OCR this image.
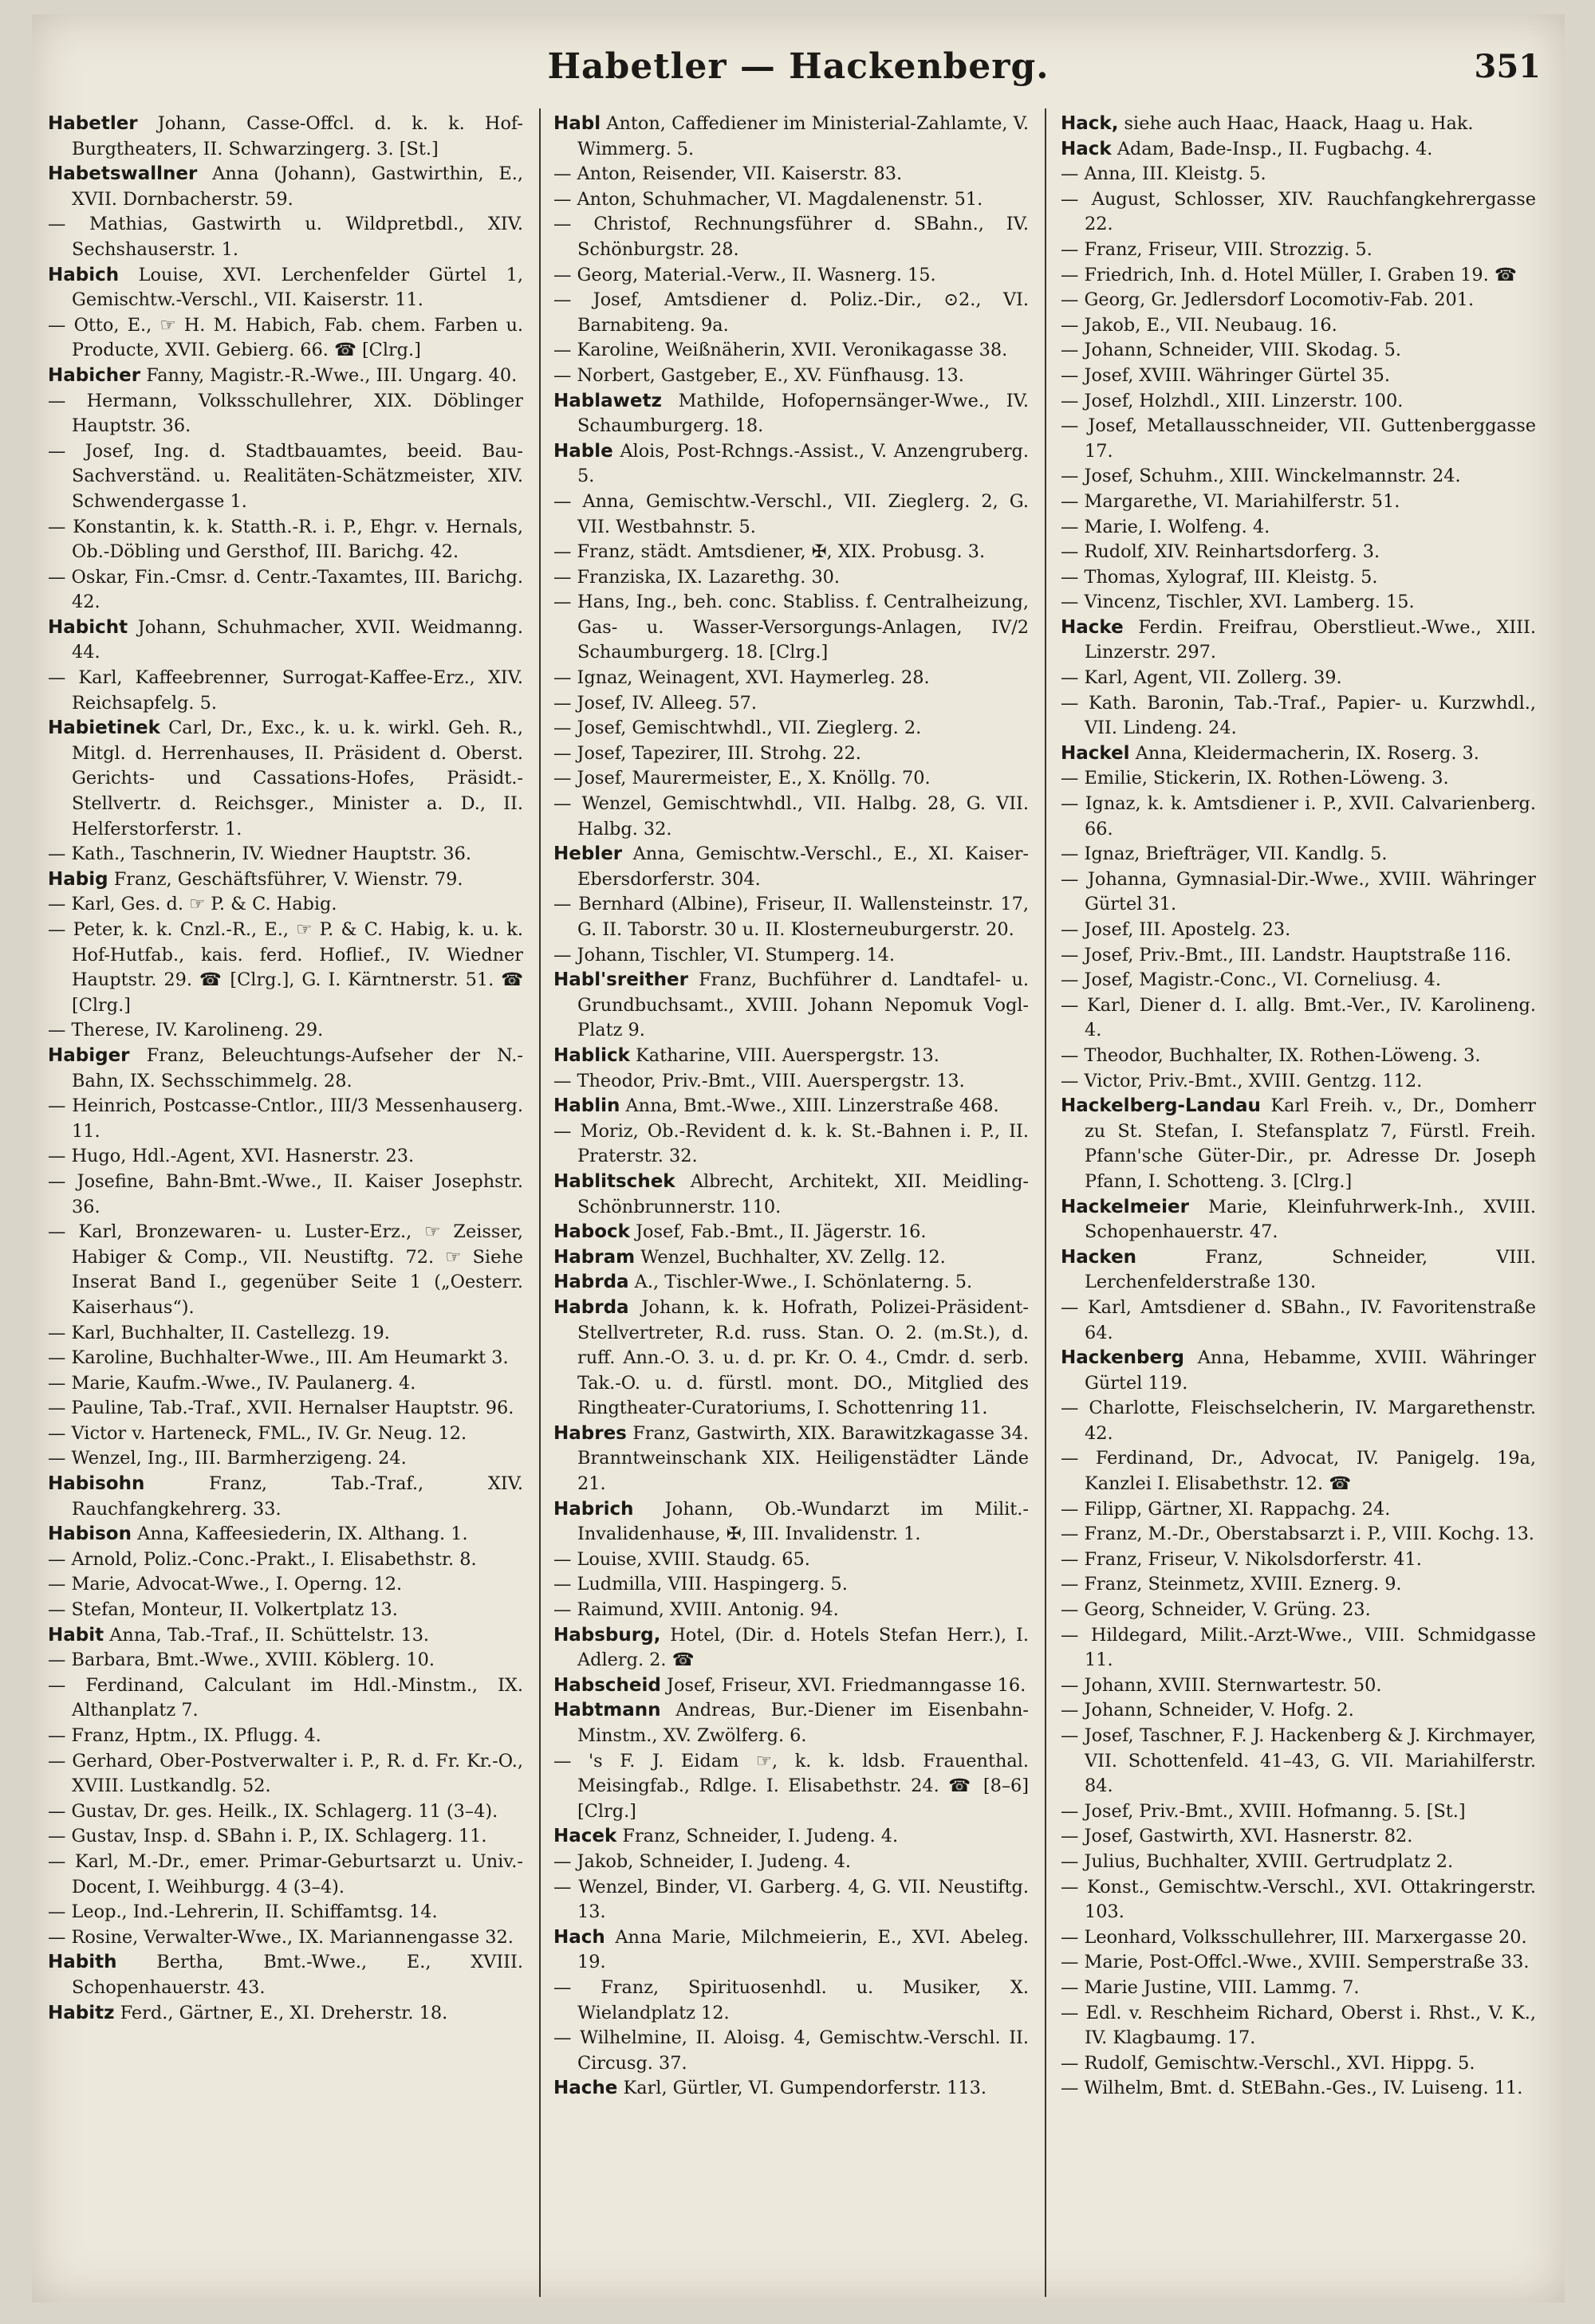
Habetler — Hackenberg.	351

Habetler Johann, Casse-Offcl. d. k. k. Hof-Burgtheaters, II. Schwarzingerg. 3. [St.]

Habetswallner Anna (Johann), Gastwirthin, E., XVII. Dornbacherstr. 59.

— Mathias, Gastwirth u. Wildpretbdl., XIV. Sechshauserstr. 1.

Habich Louise, XVI. Lerchenfelder Gürtel 1, Gemischtw.-Verschl., VII. Kaiserstr. 11.

— Otto, E., ☞ H. M. Habich, Fab. chem. Farben u. Producte, XVII. Gebierg. 66. ☎ [Clrg.]

Habicher Fanny, Magistr.-R.-Wwe., III. Ungarg. 40.

— Hermann, Volksschullehrer, XIX. Döblinger Hauptstr. 36.

— Josef, Ing. d. Stadtbauamtes, beeid. Bau-Sachverständ. u. Realitäten-Schätzmeister, XIV. Schwendergasse 1.

— Konstantin, k. k. Statth.-R. i. P., Ehgr. v. Hernals, Ob.-Döbling und Gersthof, III. Barichg. 42.

— Oskar, Fin.-Cmsr. d. Centr.-Taxamtes, III. Barichg. 42.

Habicht Johann, Schuhmacher, XVII. Weidmanng. 44.

— Karl, Kaffeebrenner, Surrogat-Kaffee-Erz., XIV. Reichsapfelg. 5.

Habietinek Carl, Dr., Exc., k. u. k. wirkl. Geh. R., Mitgl. d. Herrenhauses, II. Präsident d. Oberst. Gerichts- und Cassations-Hofes, Präsidt.-Stellvertr. d. Reichsger., Minister a. D., II. Helferstorferstr. 1.

— Kath., Taschnerin, IV. Wiedner Hauptstr. 36.

Habig Franz, Geschäftsführer, V. Wienstr. 79.

— Karl, Ges. d. ☞ P. & C. Habig.

— Peter, k. k. Cnzl.-R., E., ☞ P. & C. Habig, k. u. k. Hof-Hutfab., kais. ferd. Hoflief., IV. Wiedner Hauptstr. 29. ☎ [Clrg.], G. I. Kärntnerstr. 51. ☎ [Clrg.]

— Therese, IV. Karolineng. 29.

Habiger Franz, Beleuchtungs-Aufseher der N.-Bahn, IX. Sechsschimmelg. 28.

— Heinrich, Postcasse-Cntlor., III/3 Messenhauserg. 11.

— Hugo, Hdl.-Agent, XVI. Hasnerstr. 23.

— Josefine, Bahn-Bmt.-Wwe., II. Kaiser Josephstr. 36.

— Karl, Bronzewaren- u. Luster-Erz., ☞ Zeisser, Habiger & Comp., VII. Neustiftg. 72. ☞ Siehe Inserat Band I., gegenüber Seite 1 („Oesterr. Kaiserhaus“).

— Karl, Buchhalter, II. Castellezg. 19.

— Karoline, Buchhalter-Wwe., III. Am Heumarkt 3.

— Marie, Kaufm.-Wwe., IV. Paulanerg. 4.

— Pauline, Tab.-Traf., XVII. Hernalser Hauptstr. 96.

— Victor v. Harteneck, FML., IV. Gr. Neug. 12.

— Wenzel, Ing., III. Barmherzigeng. 24.

Habisohn Franz, Tab.-Traf., XIV. Rauchfangkehrerg. 33.

Habison Anna, Kaffeesiederin, IX. Althang. 1.

— Arnold, Poliz.-Conc.-Prakt., I. Elisabethstr. 8.

— Marie, Advocat-Wwe., I. Operng. 12.

— Stefan, Monteur, II. Volkertplatz 13.

Habit Anna, Tab.-Traf., II. Schüttelstr. 13.

— Barbara, Bmt.-Wwe., XVIII. Köblerg. 10.

— Ferdinand, Calculant im Hdl.-Minstm., IX. Althanplatz 7.

— Franz, Hptm., IX. Pflugg. 4.

— Gerhard, Ober-Postverwalter i. P., R. d. Fr. Kr.-O., XVIII. Lustkandlg. 52.

— Gustav, Dr. ges. Heilk., IX. Schlagerg. 11 (3–4).

— Gustav, Insp. d. SBahn i. P., IX. Schlagerg. 11.

— Karl, M.-Dr., emer. Primar-Geburtsarzt u. Univ.-Docent, I. Weihburgg. 4 (3–4).

— Leop., Ind.-Lehrerin, II. Schiffamtsg. 14.

— Rosine, Verwalter-Wwe., IX. Mariannengasse 32.

Habith Bertha, Bmt.-Wwe., E., XVIII. Schopenhauerstr. 43.

Habitz Ferd., Gärtner, E., XI. Dreherstr. 18.

Habl Anton, Caffediener im Ministerial-Zahlamte, V. Wimmerg. 5.

— Anton, Reisender, VII. Kaiserstr. 83.

— Anton, Schuhmacher, VI. Magdalenenstr. 51.

— Christof, Rechnungsführer d. SBahn., IV. Schönburgstr. 28.

— Georg, Material.-Verw., II. Wasnerg. 15.

— Josef, Amtsdiener d. Poliz.-Dir., ⊙2., VI. Barnabiteng. 9a.

— Karoline, Weißnäherin, XVII. Veronikagasse 38.

— Norbert, Gastgeber, E., XV. Fünfhausg. 13.

Hablawetz Mathilde, Hofopernsänger-Wwe., IV. Schaumburgerg. 18.

Hable Alois, Post-Rchngs.-Assist., V. Anzengruberg. 5.

— Anna, Gemischtw.-Verschl., VII. Zieglerg. 2, G. VII. Westbahnstr. 5.

— Franz, städt. Amtsdiener, ✠, XIX. Probusg. 3.

— Franziska, IX. Lazarethg. 30.

— Hans, Ing., beh. conc. Stabliss. f. Centralheizung, Gas- u. Wasser-Versorgungs-Anlagen, IV/2 Schaumburgerg. 18. [Clrg.]

— Ignaz, Weinagent, XVI. Haymerleg. 28.

— Josef, IV. Alleeg. 57.

— Josef, Gemischtwhdl., VII. Zieglerg. 2.

— Josef, Tapezirer, III. Strohg. 22.

— Josef, Maurermeister, E., X. Knöllg. 70.

— Wenzel, Gemischtwhdl., VII. Halbg. 28, G. VII. Halbg. 32.

Hebler Anna, Gemischtw.-Verschl., E., XI. Kaiser-Ebersdorferstr. 304.

— Bernhard (Albine), Friseur, II. Wallensteinstr. 17, G. II. Taborstr. 30 u. II. Klosterneuburgerstr. 20.

— Johann, Tischler, VI. Stumperg. 14.

Habl'sreither Franz, Buchführer d. Landtafel- u. Grundbuchsamt., XVIII. Johann Nepomuk Vogl-Platz 9.

Hablick Katharine, VIII. Auerspergstr. 13.

— Theodor, Priv.-Bmt., VIII. Auerspergstr. 13.

Hablin Anna, Bmt.-Wwe., XIII. Linzerstraße 468.

— Moriz, Ob.-Revident d. k. k. St.-Bahnen i. P., II. Praterstr. 32.

Hablitschek Albrecht, Architekt, XII. Meidling-Schönbrunnerstr. 110.

Habock Josef, Fab.-Bmt., II. Jägerstr. 16.

Habram Wenzel, Buchhalter, XV. Zellg. 12.

Habrda A., Tischler-Wwe., I. Schönlaterng. 5.

Habrda Johann, k. k. Hofrath, Polizei-Präsident-Stellvertreter, R.d. russ. Stan. O. 2. (m.St.), d. ruff. Ann.-O. 3. u. d. pr. Kr. O. 4., Cmdr. d. serb. Tak.-O. u. d. fürstl. mont. DO., Mitglied des Ringtheater-Curatoriums, I. Schottenring 11.

Habres Franz, Gastwirth, XIX. Barawitzkagasse 34. Branntweinschank XIX. Heiligenstädter Lände 21.

Habrich Johann, Ob.-Wundarzt im Milit.-Invalidenhause, ✠, III. Invalidenstr. 1.

— Louise, XVIII. Staudg. 65.

— Ludmilla, VIII. Haspingerg. 5.

— Raimund, XVIII. Antonig. 94.

Habsburg, Hotel, (Dir. d. Hotels Stefan Herr.), I. Adlerg. 2. ☎

Habscheid Josef, Friseur, XVI. Friedmanngasse 16.

Habtmann Andreas, Bur.-Diener im Eisenbahn-Minstm., XV. Zwölferg. 6.

— 's F. J. Eidam ☞, k. k. ldsb. Frauenthal. Meisingfab., Rdlge. I. Elisabethstr. 24. ☎ [8–6] [Clrg.]

Hacek Franz, Schneider, I. Judeng. 4.

— Jakob, Schneider, I. Judeng. 4.

— Wenzel, Binder, VI. Garberg. 4, G. VII. Neustiftg. 13.

Hach Anna Marie, Milchmeierin, E., XVI. Abeleg. 19.

— Franz, Spirituosenhdl. u. Musiker, X. Wielandplatz 12.

— Wilhelmine, II. Aloisg. 4, Gemischtw.-Verschl. II. Circusg. 37.

Hache Karl, Gürtler, VI. Gumpendorferstr. 113.

Hack, siehe auch Haac, Haack, Haag u. Hak.

Hack Adam, Bade-Insp., II. Fugbachg. 4.

— Anna, III. Kleistg. 5.

— August, Schlosser, XIV. Rauchfangkehrergasse 22.

— Franz, Friseur, VIII. Strozzig. 5.

— Friedrich, Inh. d. Hotel Müller, I. Graben 19. ☎

— Georg, Gr. Jedlersdorf Locomotiv-Fab. 201.

— Jakob, E., VII. Neubaug. 16.

— Johann, Schneider, VIII. Skodag. 5.

— Josef, XVIII. Währinger Gürtel 35.

— Josef, Holzhdl., XIII. Linzerstr. 100.

— Josef, Metallausschneider, VII. Guttenberggasse 17.

— Josef, Schuhm., XIII. Winckelmannstr. 24.

— Margarethe, VI. Mariahilferstr. 51.

— Marie, I. Wolfeng. 4.

— Rudolf, XIV. Reinhartsdorferg. 3.

— Thomas, Xylograf, III. Kleistg. 5.

— Vincenz, Tischler, XVI. Lamberg. 15.

Hacke Ferdin. Freifrau, Oberstlieut.-Wwe., XIII. Linzerstr. 297.

— Karl, Agent, VII. Zollerg. 39.

— Kath. Baronin, Tab.-Traf., Papier- u. Kurzwhdl., VII. Lindeng. 24.

Hackel Anna, Kleidermacherin, IX. Roserg. 3.

— Emilie, Stickerin, IX. Rothen-Löweng. 3.

— Ignaz, k. k. Amtsdiener i. P., XVII. Calvarienberg. 66.

— Ignaz, Briefträger, VII. Kandlg. 5.

— Johanna, Gymnasial-Dir.-Wwe., XVIII. Währinger Gürtel 31.

— Josef, III. Apostelg. 23.

— Josef, Priv.-Bmt., III. Landstr. Hauptstraße 116.

— Josef, Magistr.-Conc., VI. Corneliusg. 4.

— Karl, Diener d. I. allg. Bmt.-Ver., IV. Karolineng. 4.

— Theodor, Buchhalter, IX. Rothen-Löweng. 3.

— Victor, Priv.-Bmt., XVIII. Gentzg. 112.

Hackelberg-Landau Karl Freih. v., Dr., Domherr zu St. Stefan, I. Stefansplatz 7, Fürstl. Freih. Pfann'sche Güter-Dir., pr. Adresse Dr. Joseph Pfann, I. Schotteng. 3. [Clrg.]

Hackelmeier Marie, Kleinfuhrwerk-Inh., XVIII. Schopenhauerstr. 47.

Hacken Franz, Schneider, VIII. Lerchenfelderstraße 130.

— Karl, Amtsdiener d. SBahn., IV. Favoritenstraße 64.

Hackenberg Anna, Hebamme, XVIII. Währinger Gürtel 119.

— Charlotte, Fleischselcherin, IV. Margarethenstr. 42.

— Ferdinand, Dr., Advocat, IV. Panigelg. 19a, Kanzlei I. Elisabethstr. 12. ☎

— Filipp, Gärtner, XI. Rappachg. 24.

— Franz, M.-Dr., Oberstabsarzt i. P., VIII. Kochg. 13.

— Franz, Friseur, V. Nikolsdorferstr. 41.

— Franz, Steinmetz, XVIII. Eznerg. 9.

— Georg, Schneider, V. Grüng. 23.

— Hildegard, Milit.-Arzt-Wwe., VIII. Schmidgasse 11.

— Johann, XVIII. Sternwartestr. 50.

— Johann, Schneider, V. Hofg. 2.

— Josef, Taschner, F. J. Hackenberg & J. Kirchmayer, VII. Schottenfeld. 41–43, G. VII. Mariahilferstr. 84.

— Josef, Priv.-Bmt., XVIII. Hofmanng. 5. [St.]

— Josef, Gastwirth, XVI. Hasnerstr. 82.

— Julius, Buchhalter, XVIII. Gertrudplatz 2.

— Konst., Gemischtw.-Verschl., XVI. Ottakringerstr. 103.

— Leonhard, Volksschullehrer, III. Marxergasse 20.

— Marie, Post-Offcl.-Wwe., XVIII. Semperstraße 33.

— Marie Justine, VIII. Lammg. 7.

— Edl. v. Reschheim Richard, Oberst i. Rhst., V. K., IV. Klagbaumg. 17.

— Rudolf, Gemischtw.-Verschl., XVI. Hippg. 5.

— Wilhelm, Bmt. d. StEBahn.-Ges., IV. Luiseng. 11.
